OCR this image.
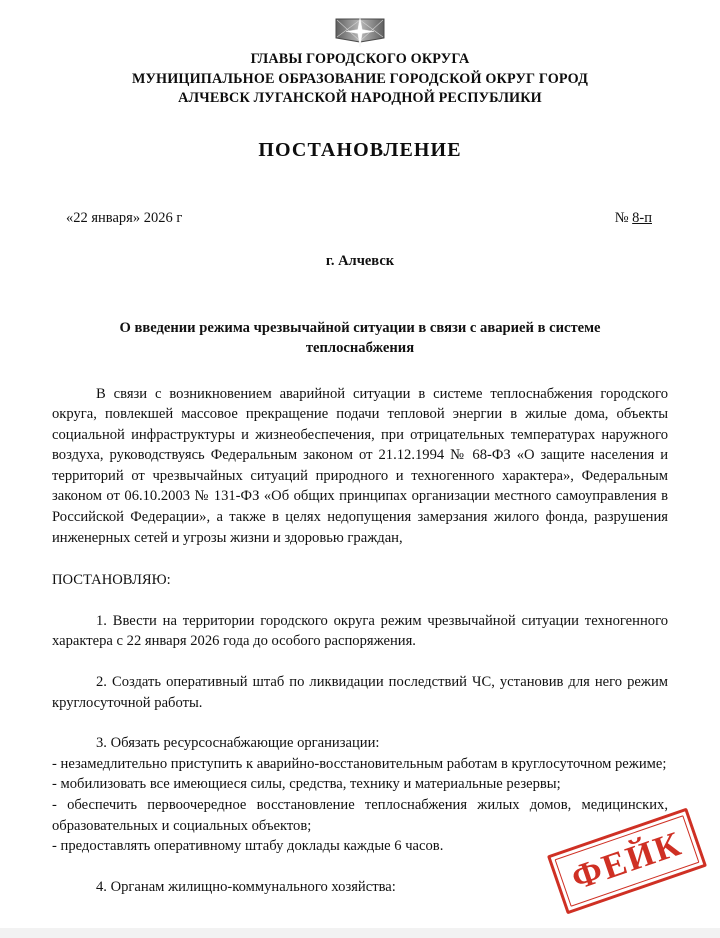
ГЛАВЫ ГОРОДСКОГО ОКРУГА
МУНИЦИПАЛЬНОЕ ОБРАЗОВАНИЕ ГОРОДСКОЙ ОКРУГ ГОРОД
АЛЧЕВСК ЛУГАНСКОЙ НАРОДНОЙ РЕСПУБЛИКИ
ПОСТАНОВЛЕНИЕ
«22 января» 2026 г	№ 8-п
г. Алчевск
О введении режима чрезвычайной ситуации в связи с аварией в системе теплоснабжения

В связи с возникновением аварийной ситуации в системе теплоснабжения городского округа, повлекшей массовое прекращение подачи тепловой энергии в жилые дома, объекты социальной инфраструктуры и жизнеобеспечения, при отрицательных температурах наружного воздуха, руководствуясь Федеральным законом от 21.12.1994 № 68-ФЗ «О защите населения и территорий от чрезвычайных ситуаций природного и техногенного характера», Федеральным законом от 06.10.2003 № 131-ФЗ «Об общих принципах организации местного самоуправления в Российской Федерации», а также в целях недопущения замерзания жилого фонда, разрушения инженерных сетей и угрозы жизни и здоровью граждан,

ПОСТАНОВЛЯЮ:

1. Ввести на территории городского округа режим чрезвычайной ситуации техногенного характера с 22 января 2026 года до особого распоряжения.

2. Создать оперативный штаб по ликвидации последствий ЧС, установив для него режим круглосуточной работы.

3. Обязать ресурсоснабжающие организации:

- незамедлительно приступить к аварийно-восстановительным работам в круглосуточном режиме;

- мобилизовать все имеющиеся силы, средства, технику и материальные резервы;

- обеспечить первоочередное восстановление теплоснабжения жилых домов, медицинских, образовательных и социальных объектов;

- предоставлять оперативному штабу доклады каждые 6 часов.

4. Органам жилищно-коммунального хозяйства:	ФЕЙК
